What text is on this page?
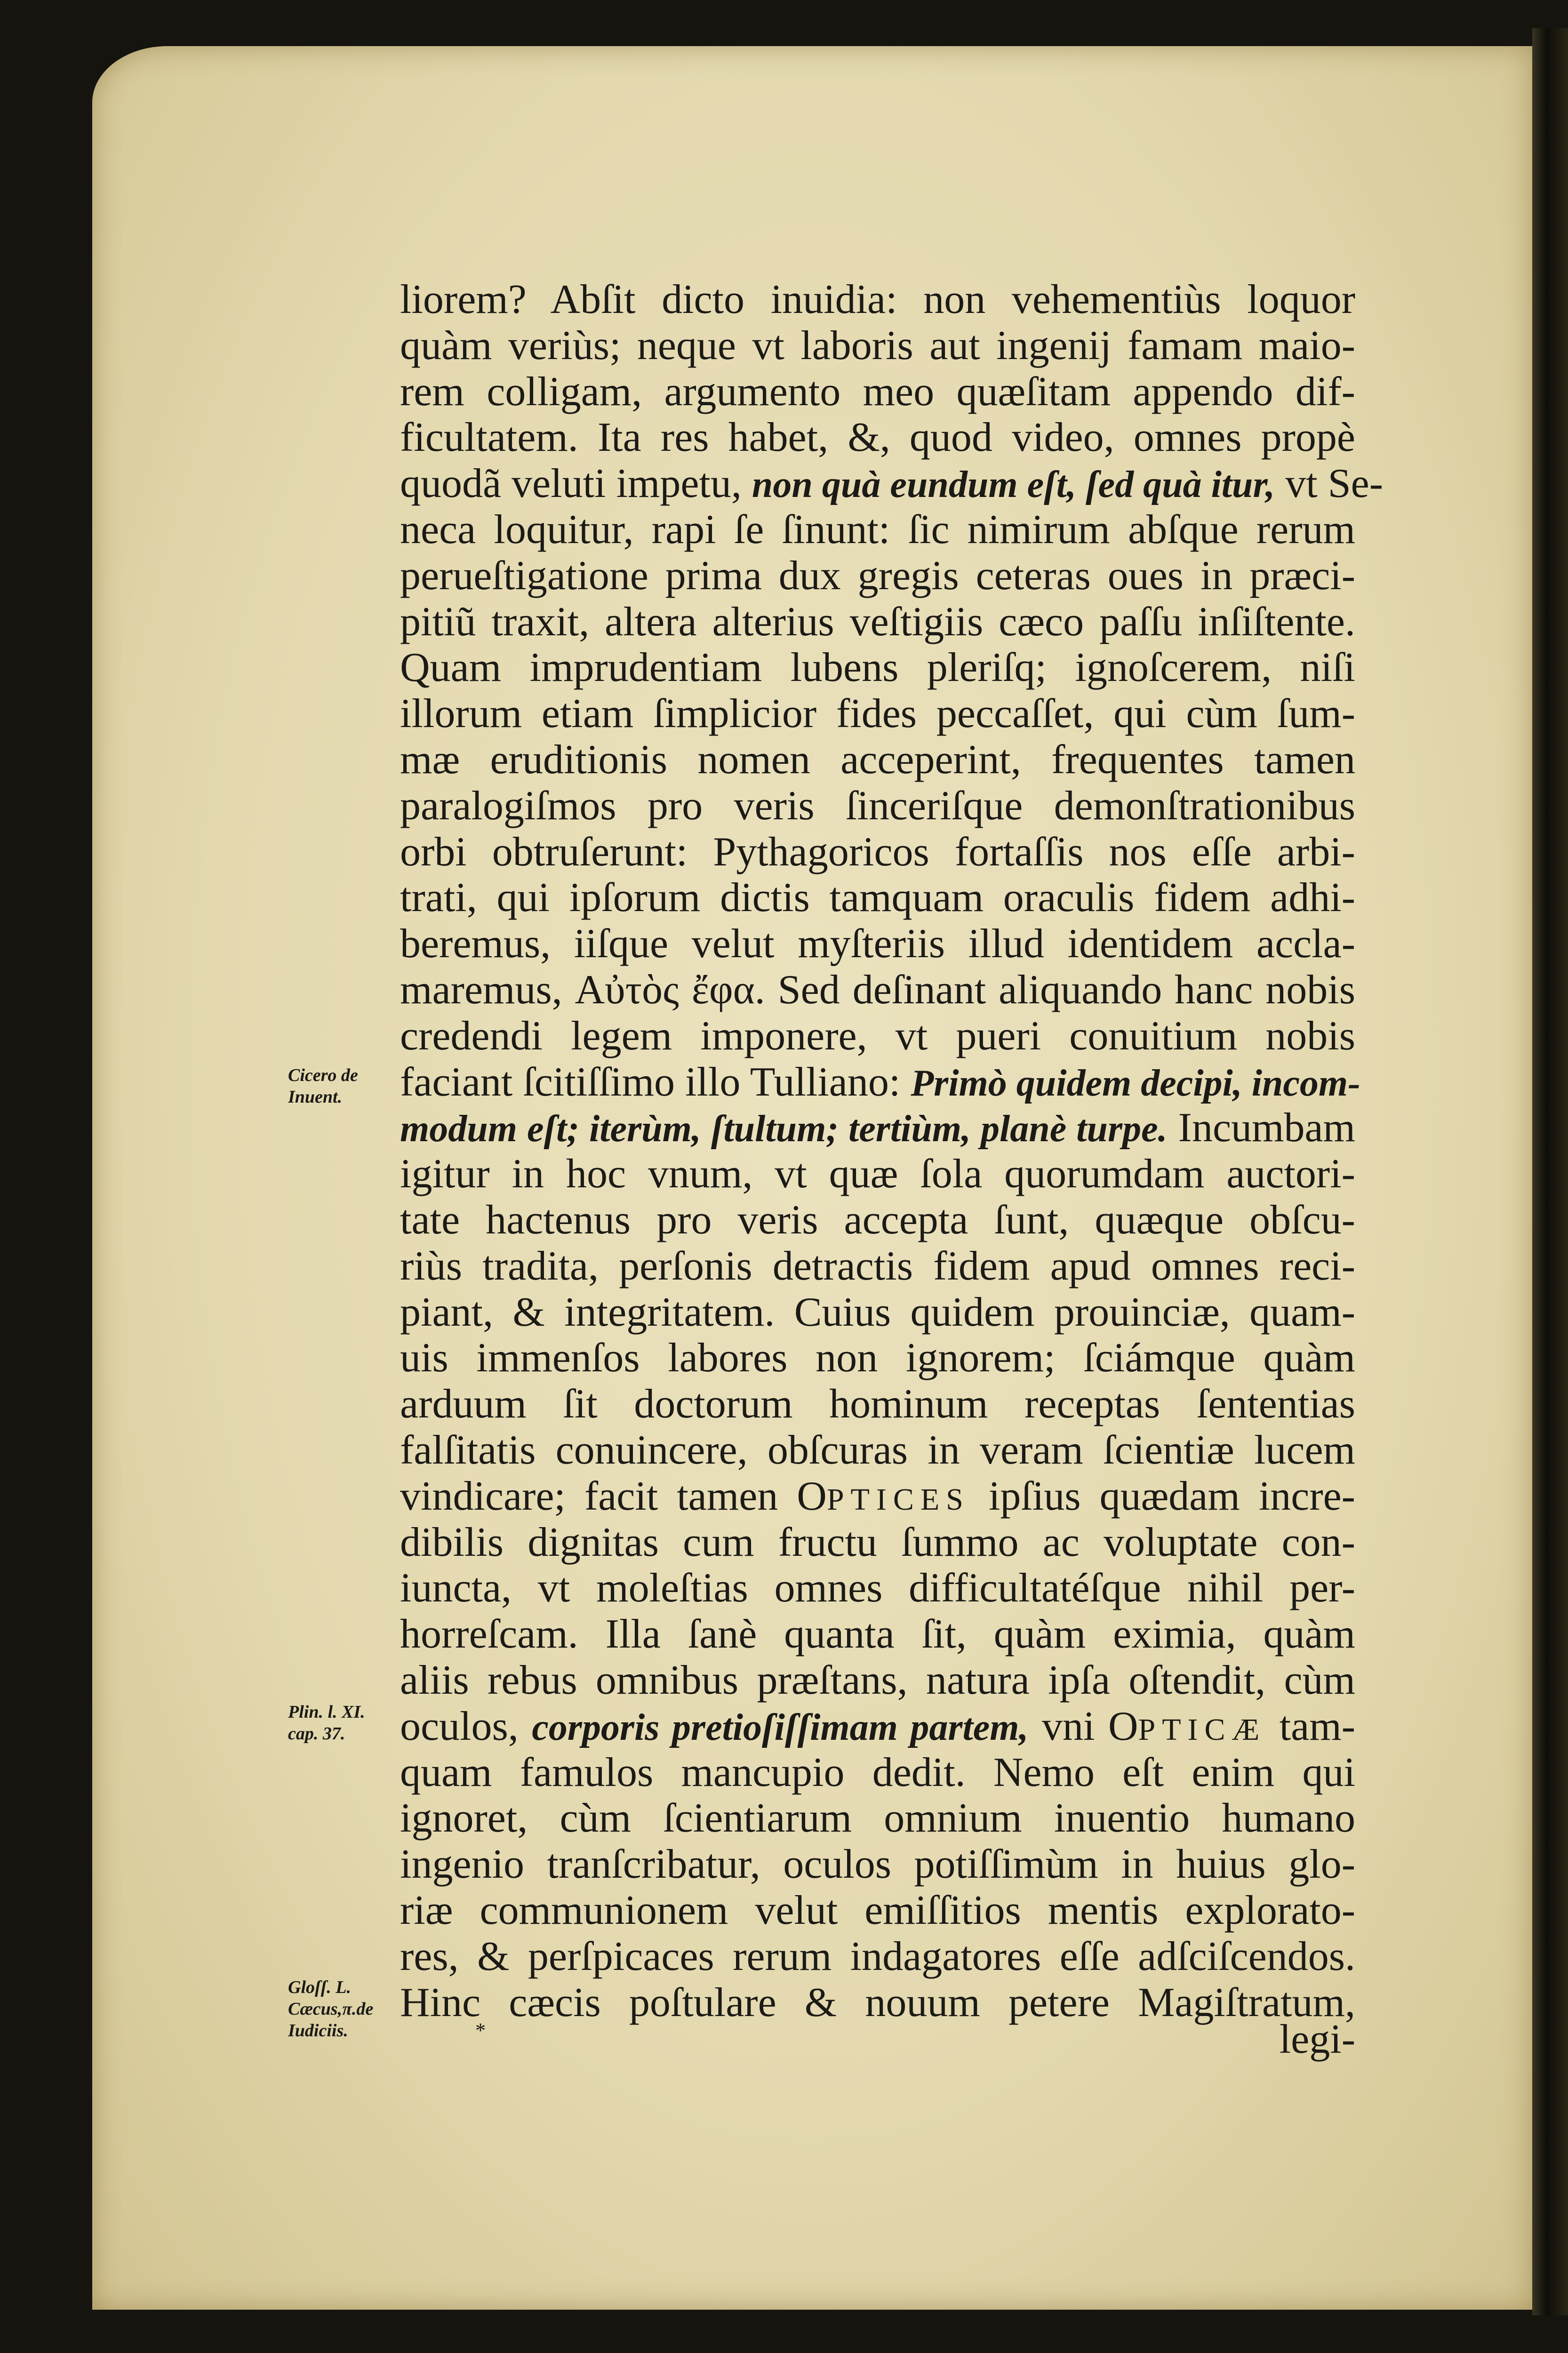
liorem? Abſit dicto inuidia: non vehementiùs loquor
quàm veriùs; neque vt laboris aut ingenij famam maio-
rem colligam, argumento meo quæſitam appendo dif-
ficultatem. Ita res habet, &, quod video, omnes propè
quodã veluti impetu, non quà eundum eſt, ſed quà itur, vt Se-
neca loquitur, rapi ſe ſinunt: ſic nimirum abſque rerum
perueſtigatione prima dux gregis ceteras oues in præci-
pitiũ traxit, altera alterius veſtigiis cæco paſſu inſiſtente.
Quam imprudentiam lubens pleriſq; ignoſcerem, niſi
illorum etiam ſimplicior fides peccaſſet, qui cùm ſum-
mæ eruditionis nomen acceperint, frequentes tamen
paralogiſmos pro veris ſinceriſque demonſtrationibus
orbi obtruſerunt: Pythagoricos fortaſſis nos eſſe arbi-
trati, qui ipſorum dictis tamquam oraculis fidem adhi-
beremus, iiſque velut myſteriis illud identidem accla-
maremus, Αὐτὸς ἔφα. Sed deſinant aliquando hanc nobis
credendi legem imponere, vt pueri conuitium nobis
faciant ſcitiſſimo illo Tulliano: Primò quidem decipi, incom-
modum eſt; iterùm, ſtultum; tertiùm, planè turpe. Incumbam
igitur in hoc vnum, vt quæ ſola quorumdam auctori-
tate hactenus pro veris accepta ſunt, quæque obſcu-
riùs tradita, perſonis detractis fidem apud omnes reci-
piant, & integritatem. Cuius quidem prouinciæ, quam-
uis immenſos labores non ignorem; ſciámque quàm
arduum ſit doctorum hominum receptas ſententias
falſitatis conuincere, obſcuras in veram ſcientiæ lucem
vindicare; facit tamen OPTICES ipſius quædam incre-
dibilis dignitas cum fructu ſummo ac voluptate con-
iuncta, vt moleſtias omnes difficultatéſque nihil per-
horreſcam. Illa ſanè quanta ſit, quàm eximia, quàm
aliis rebus omnibus præſtans, natura ipſa oſtendit, cùm
oculos, corporis pretioſiſſimam partem, vni OPTICÆ tam-
quam famulos mancupio dedit. Nemo eſt enim qui
ignoret, cùm ſcientiarum omnium inuentio humano
ingenio tranſcribatur, oculos potiſſimùm in huius glo-
riæ communionem velut emiſſitios mentis explorato-
res, & perſpicaces rerum indagatores eſſe adſciſcendos.
Hinc cæcis poſtulare & nouum petere Magiſtratum,
Cicero de
Inuent.
Plin. l. XI.
cap. 37.
Gloſſ. L.
Cæcus,π.de
Iudiciis.	*	legi-
